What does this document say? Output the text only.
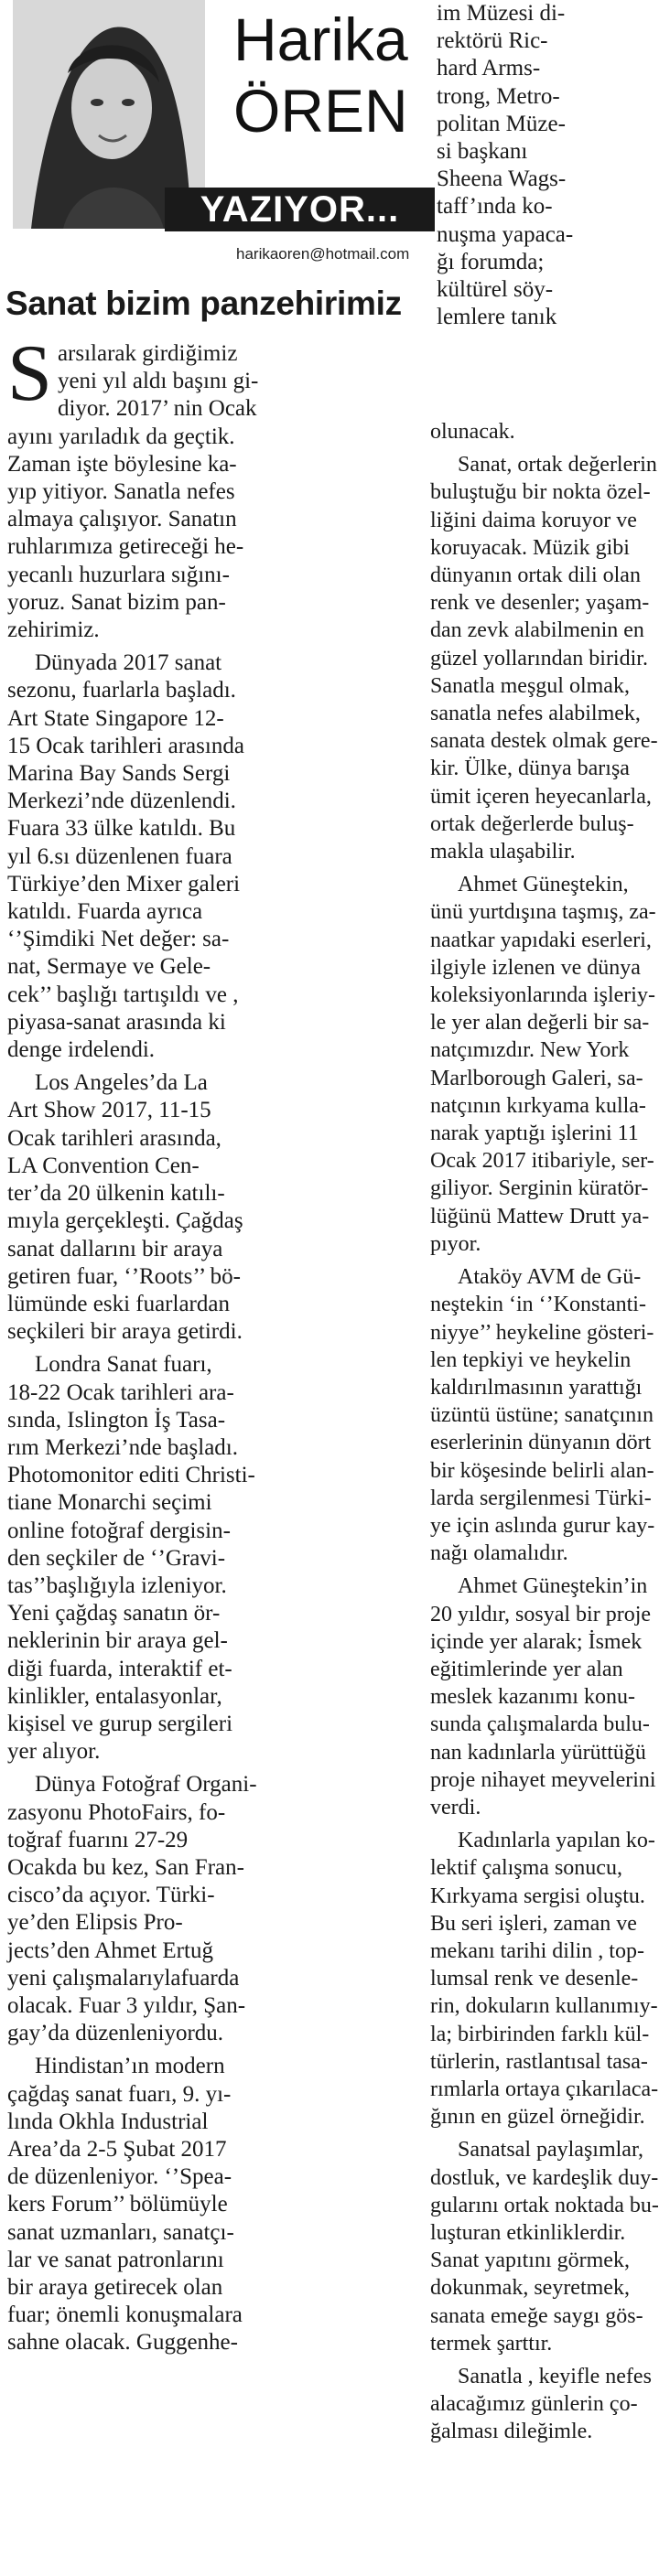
Harika
ÖREN
YAZIYOR...
harikaoren@hotmail.com
Sanat bizim panzehirimiz

im Müzesi di-

rektörü Ric-

hard Arms-

trong, Metro-

politan Müze-

si başkanı

Sheena Wags-

taff’ında ko-

nuşma yapaca-

ğı forumda;

kültürel söy-

lemlere tanık

Sarsılarak girdiğimiz

yeni yıl aldı başını gi-

diyor. 2017’ nin Ocak

ayını yarıladık da geçtik.

Zaman işte böylesine ka-

yıp yitiyor. Sanatla nefes

almaya çalışıyor. Sanatın

ruhlarımıza getireceği he-

yecanlı huzurlara sığını-

yoruz. Sanat bizim pan-

zehirimiz.

Dünyada 2017 sanat

sezonu, fuarlarla başladı.

Art State Singapore 12-

15 Ocak tarihleri arasında

Marina Bay Sands Sergi

Merkezi’nde düzenlendi.

Fuara 33 ülke katıldı. Bu

yıl 6.sı düzenlenen fuara

Türkiye’den Mixer galeri

katıldı. Fuarda ayrıca

‘’Şimdiki Net değer: sa-

nat, Sermaye ve Gele-

cek’’ başlığı tartışıldı ve ,

piyasa-sanat arasında ki

denge irdelendi.

Los Angeles’da La

Art Show 2017, 11-15

Ocak tarihleri arasında,

LA Convention Cen-

ter’da 20 ülkenin katılı-

mıyla gerçekleşti. Çağdaş

sanat dallarını bir araya

getiren fuar, ‘’Roots’’ bö-

lümünde eski fuarlardan

seçkileri bir araya getirdi.

Londra Sanat fuarı,

18-22 Ocak tarihleri ara-

sında, Islington İş Tasa-

rım Merkezi’nde başladı.

Photomonitor editi Christi-

tiane Monarchi seçimi

online fotoğraf dergisin-

den seçkiler de ‘’Gravi-

tas’’başlığıyla izleniyor.

Yeni çağdaş sanatın ör-

neklerinin bir araya gel-

diği fuarda, interaktif et-

kinlikler, entalasyonlar,

kişisel ve gurup sergileri

yer alıyor.

Dünya Fotoğraf Organi-

zasyonu PhotoFairs, fo-

toğraf fuarını 27-29

Ocakda bu kez, San Fran-

cisco’da açıyor. Türki-

ye’den Elipsis Pro-

jects’den Ahmet Ertuğ

yeni çalışmalarıylafuarda

olacak. Fuar 3 yıldır, Şan-

gay’da düzenleniyordu.

Hindistan’ın modern

çağdaş sanat fuarı, 9. yı-

lında Okhla Industrial

Area’da 2-5 Şubat 2017

de düzenleniyor. ‘’Spea-

kers Forum’’ bölümüyle

sanat uzmanları, sanatçı-

lar ve sanat patronlarını

bir araya getirecek olan

fuar; önemli konuşmalara

sahne olacak. Guggenhe-

olunacak.

Sanat, ortak değerlerin

buluştuğu bir nokta özel-

liğini daima koruyor ve

koruyacak. Müzik gibi

dünyanın ortak dili olan

renk ve desenler; yaşam-

dan zevk alabilmenin en

güzel yollarından biridir.

Sanatla meşgul olmak,

sanatla nefes alabilmek,

sanata destek olmak gere-

kir. Ülke, dünya barışa

ümit içeren heyecanlarla,

ortak değerlerde buluş-

makla ulaşabilir.

Ahmet Güneştekin,

ünü yurtdışına taşmış, za-

naatkar yapıdaki eserleri,

ilgiyle izlenen ve dünya

koleksiyonlarında işleriy-

le yer alan değerli bir sa-

natçımızdır. New York

Marlborough Galeri, sa-

natçının kırkyama kulla-

narak yaptığı işlerini 11

Ocak 2017 itibariyle, ser-

giliyor. Serginin küratör-

lüğünü Mattew Drutt ya-

pıyor.

Ataköy AVM de Gü-

neştekin ‘in ‘’Konstanti-

niyye’’ heykeline gösteri-

len tepkiyi ve heykelin

kaldırılmasının yarattığı

üzüntü üstüne; sanatçının

eserlerinin dünyanın dört

bir köşesinde belirli alan-

larda sergilenmesi Türki-

ye için aslında gurur kay-

nağı olamalıdır.

Ahmet Güneştekin’in

20 yıldır, sosyal bir proje

içinde yer alarak; İsmek

eğitimlerinde yer alan

meslek kazanımı konu-

sunda çalışmalarda bulu-

nan kadınlarla yürüttüğü

proje nihayet meyvelerini

verdi.

Kadınlarla yapılan ko-

lektif çalışma sonucu,

Kırkyama sergisi oluştu.

Bu seri işleri, zaman ve

mekanı tarihi dilin , top-

lumsal renk ve desenle-

rin, dokuların kullanımıy-

la; birbirinden farklı kül-

türlerin, rastlantısal tasa-

rımlarla ortaya çıkarılaca-

ğının en güzel örneğidir.

Sanatsal paylaşımlar,

dostluk, ve kardeşlik duy-

gularını ortak noktada bu-

luşturan etkinliklerdir.

Sanat yapıtını görmek,

dokunmak, seyretmek,

sanata emeğe saygı gös-

termek şarttır.

Sanatla , keyifle nefes

alacağımız günlerin ço-

ğalması dileğimle.
